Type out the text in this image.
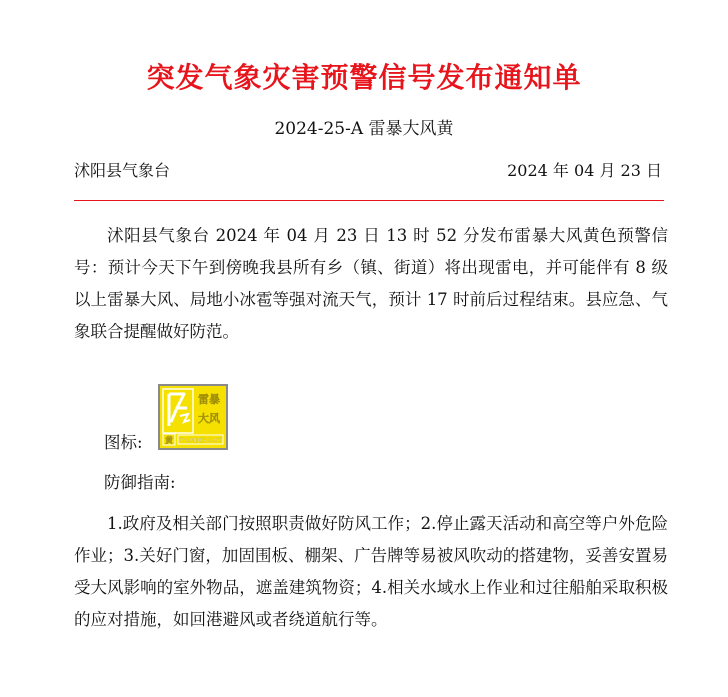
突发气象灾害预警信号发布通知单
2024-25-A 雷暴大风黄
沭阳县气象台	2024 年 04 月 23 日
沭阳县气象台 2024 年 04 月 23 日 13 时 52 分发布雷暴大风黄色预警信号：预计今天下午到傍晚我县所有乡（镇、街道）将出现雷电，并可能伴有 8 级以上雷暴大风、局地小冰雹等强对流天气，预计 17 时前后过程结束。县应急、气象联合提醒做好防范。
图标:
雷暴
大风
黄 THUNDERGUST
防御指南:
1.政府及相关部门按照职责做好防风工作；2.停止露天活动和高空等户外危险作业；3.关好门窗，加固围板、棚架、广告牌等易被风吹动的搭建物，妥善安置易受大风影响的室外物品，遮盖建筑物资；4.相关水域水上作业和过往船舶采取积极的应对措施，如回港避风或者绕道航行等。
